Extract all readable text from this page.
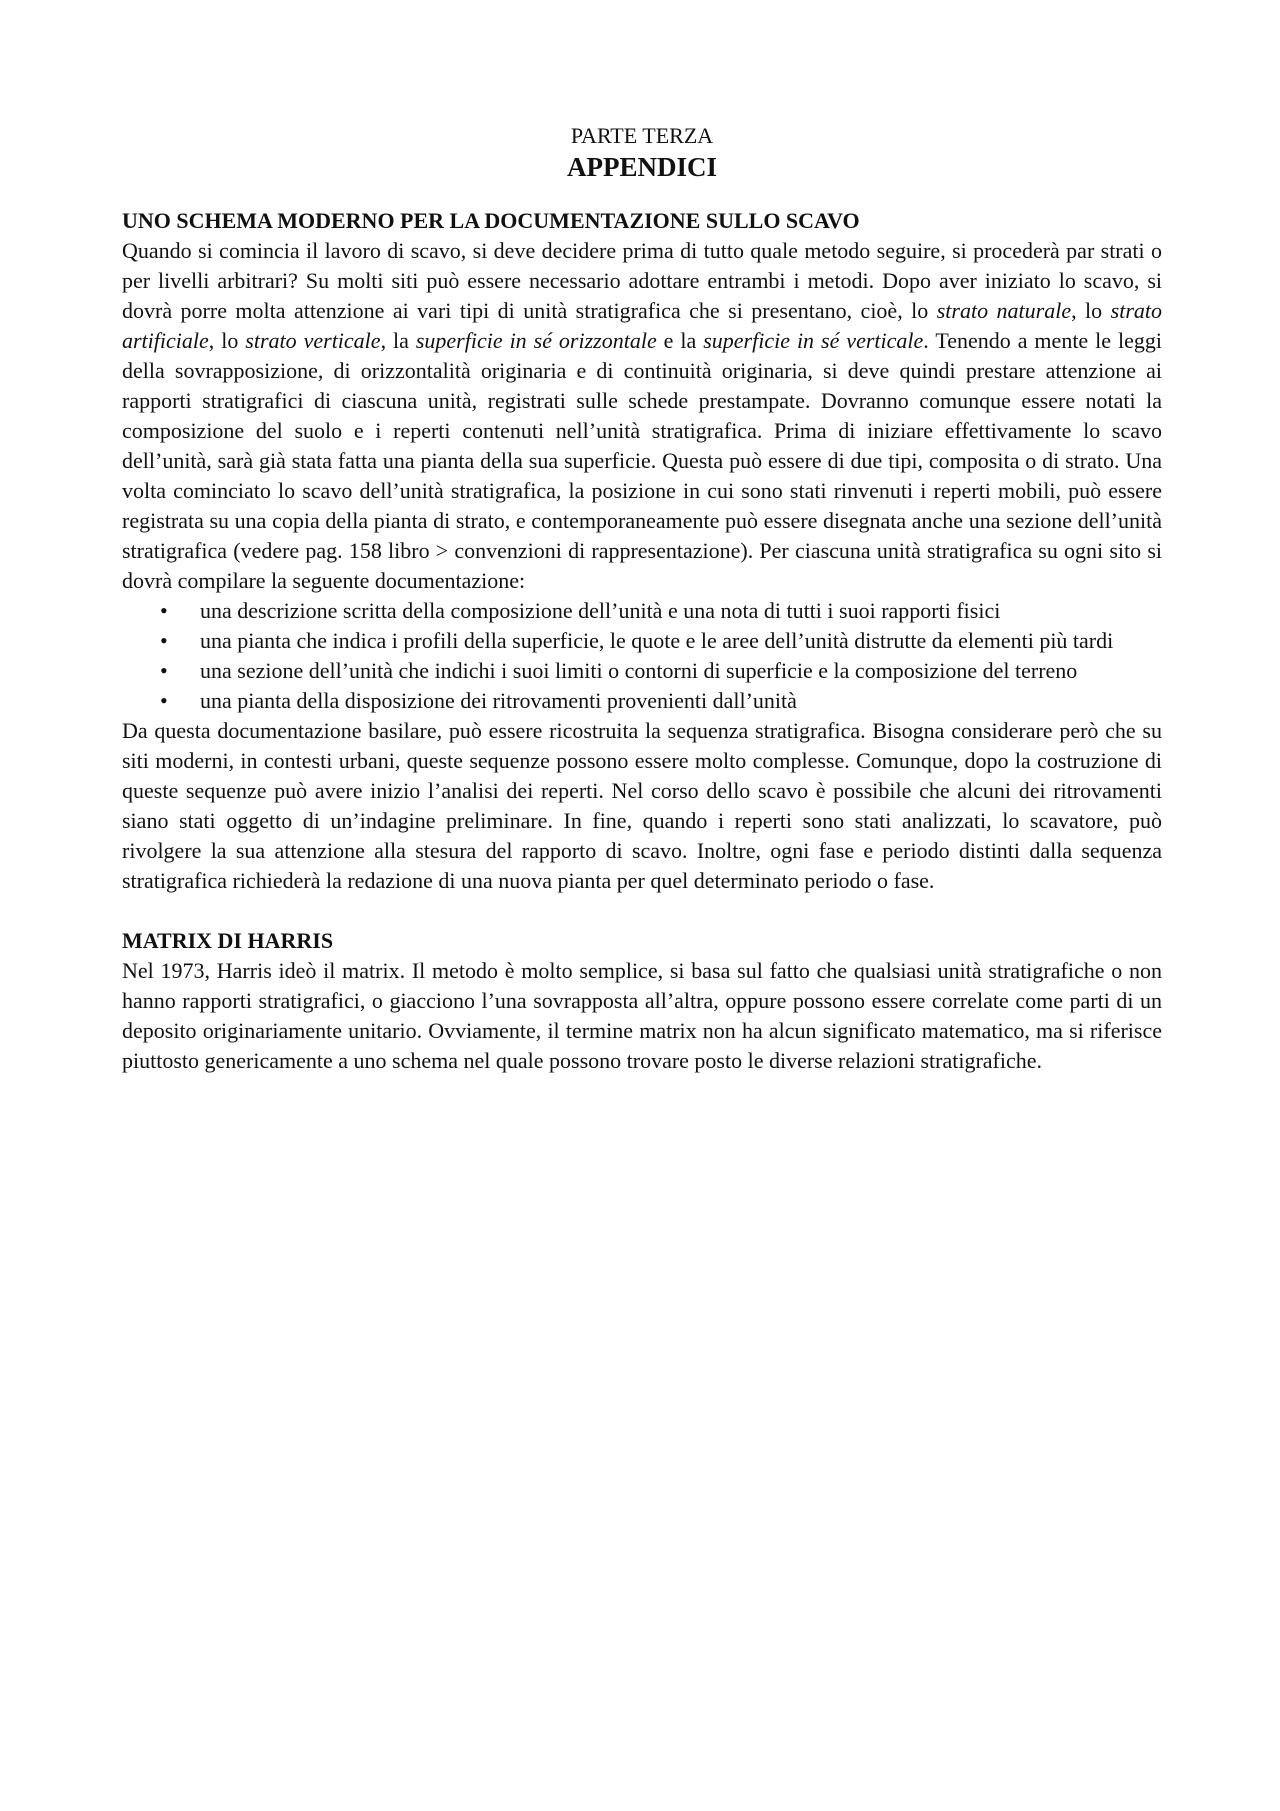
PARTE TERZA
APPENDICI
UNO SCHEMA MODERNO PER LA DOCUMENTAZIONE SULLO SCAVO

Quando si comincia il lavoro di scavo, si deve decidere prima di tutto quale metodo seguire, si procederà par strati o per livelli arbitrari? Su molti siti può essere necessario adottare entrambi i metodi. Dopo aver iniziato lo scavo, si dovrà porre molta attenzione ai vari tipi di unità stratigrafica che si presentano, cioè, lo strato naturale, lo strato artificiale, lo strato verticale, la superficie in sé orizzontale e la superficie in sé verticale. Tenendo a mente le leggi della sovrapposizione, di orizzontalità originaria e di continuità originaria, si deve quindi prestare attenzione ai rapporti stratigrafici di ciascuna unità, registrati sulle schede prestampate. Dovranno comunque essere notati la composizione del suolo e i reperti contenuti nell’unità stratigrafica. Prima di iniziare effettivamente lo scavo dell’unità, sarà già stata fatta una pianta della sua superficie. Questa può essere di due tipi, composita o di strato. Una volta cominciato lo scavo dell’unità stratigrafica, la posizione in cui sono stati rinvenuti i reperti mobili, può essere registrata su una copia della pianta di strato, e contemporaneamente può essere disegnata anche una sezione dell’unità stratigrafica (vedere pag. 158 libro > convenzioni di rappresentazione). Per ciascuna unità stratigrafica su ogni sito si dovrà compilare la seguente documentazione:

• una descrizione scritta della composizione dell’unità e una nota di tutti i suoi rapporti fisici
• una pianta che indica i profili della superficie, le quote e le aree dell’unità distrutte da elementi più tardi
• una sezione dell’unità che indichi i suoi limiti o contorni di superficie e la composizione del terreno
• una pianta della disposizione dei ritrovamenti provenienti dall’unità

Da questa documentazione basilare, può essere ricostruita la sequenza stratigrafica. Bisogna considerare però che su siti moderni, in contesti urbani, queste sequenze possono essere molto complesse. Comunque, dopo la costruzione di queste sequenze può avere inizio l’analisi dei reperti. Nel corso dello scavo è possibile che alcuni dei ritrovamenti siano stati oggetto di un’indagine preliminare. In fine, quando i reperti sono stati analizzati, lo scavatore, può rivolgere la sua attenzione alla stesura del rapporto di scavo. Inoltre, ogni fase e periodo distinti dalla sequenza stratigrafica richiederà la redazione di una nuova pianta per quel determinato periodo o fase.

MATRIX DI HARRIS

Nel 1973, Harris ideò il matrix. Il metodo è molto semplice, si basa sul fatto che qualsiasi unità stratigrafiche o non hanno rapporti stratigrafici, o giacciono l’una sovrapposta all’altra, oppure possono essere correlate come parti di un deposito originariamente unitario. Ovviamente, il termine matrix non ha alcun significato matematico, ma si riferisce piuttosto genericamente a uno schema nel quale possono trovare posto le diverse relazioni stratigrafiche.
